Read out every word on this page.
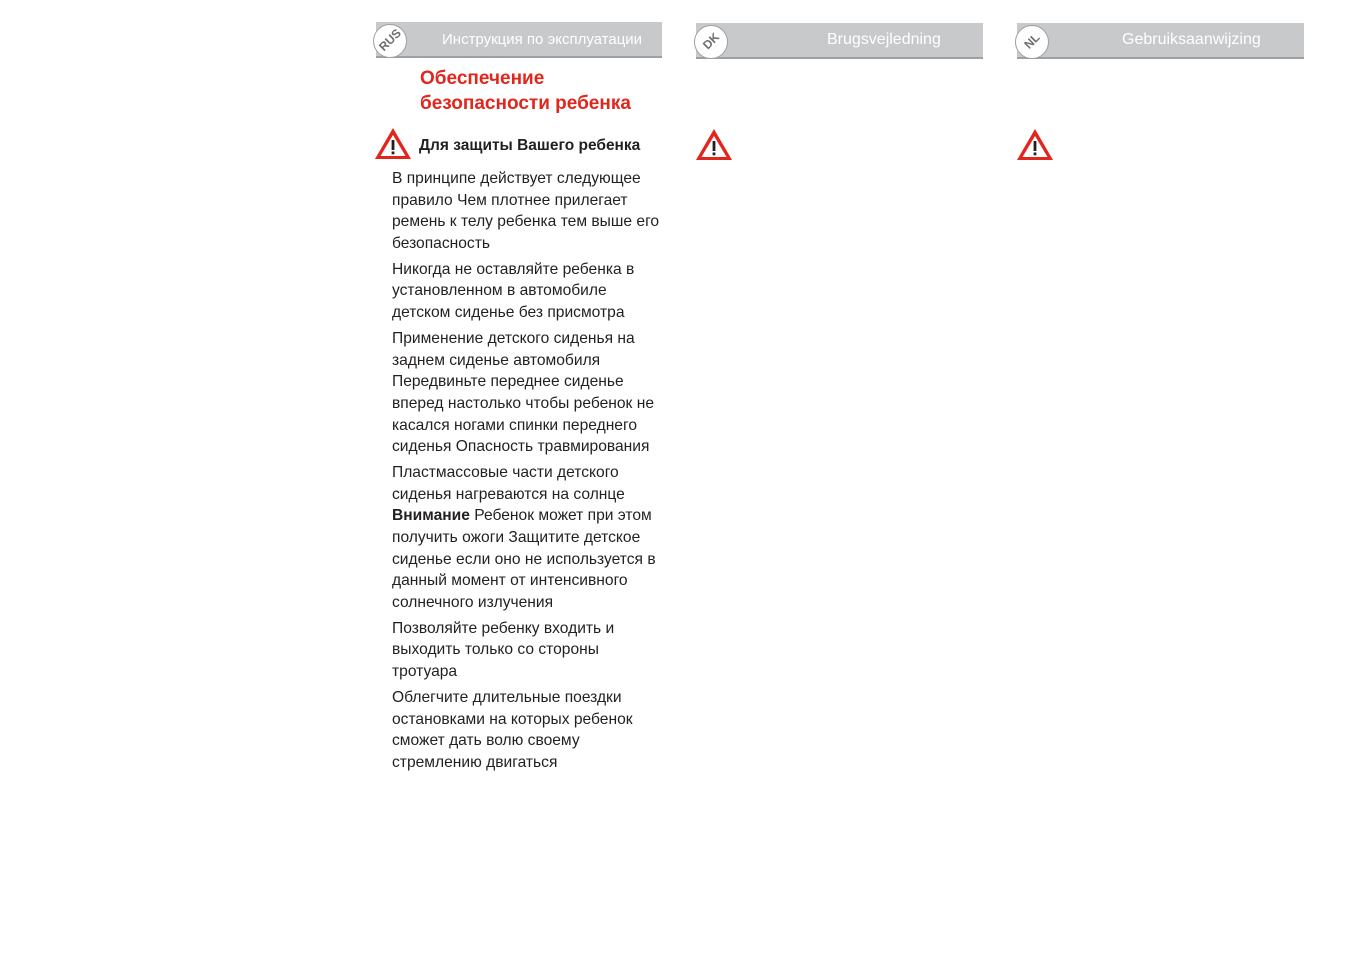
Инструкция по эксплуатации
RUS
Обеспечение
безопасности ребенка
Для защиты Вашего ребенка

В принципе действует следующее правило Чем плотнее прилегает ремень к телу ребенка тем выше его безопасность

Никогда не оставляйте ребенка в установленном в автомобиле детском сиденье без присмотра

Применение детского сиденья на заднем сиденье автомобиля Передвиньте переднее сиденье вперед настолько чтобы ребенок не касался ногами спинки переднего сиденья Опасность травмирования

Пластмассовые части детского сиденья нагреваются на солнце Внимание Ребенок может при этом получить ожоги Защитите детское сиденье если оно не используется в данный момент от интенсивного солнечного излучения

Позволяйте ребенку входить и выходить только со стороны тротуара

Облегчите длительные поездки остановками на которых ребенок сможет дать волю своему стремлению двигаться

Brugsvejledning
DK	Gebruiksaanwijzing
NL
